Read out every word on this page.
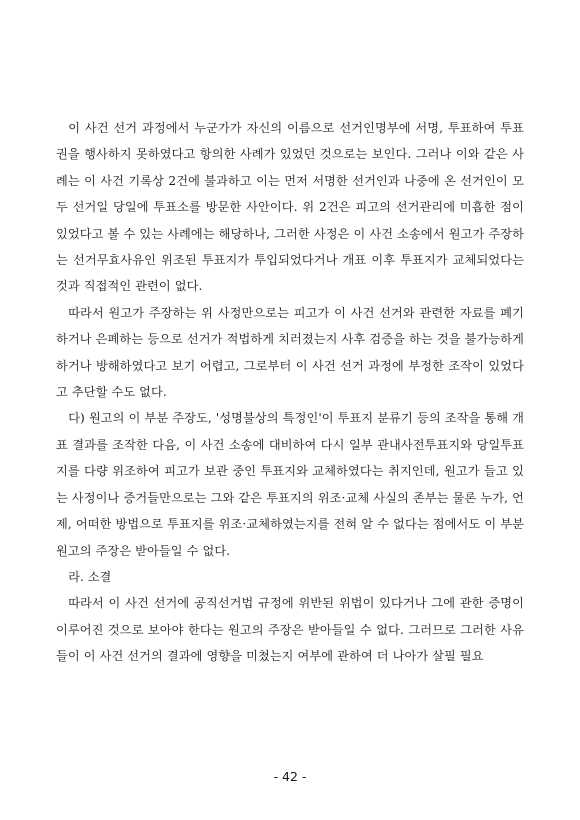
이 사건 선거 과정에서 누군가가 자신의 이름으로 선거인명부에 서명, 투표하여 투표권을 행사하지 못하였다고 항의한 사례가 있었던 것으로는 보인다. 그러나 이와 같은 사례는 이 사건 기록상 2건에 불과하고 이는 먼저 서명한 선거인과 나중에 온 선거인이 모두 선거일 당일에 투표소를 방문한 사안이다. 위 2건은 피고의 선거관리에 미흡한 점이 있었다고 볼 수 있는 사례에는 해당하나, 그러한 사정은 이 사건 소송에서 원고가 주장하는 선거무효사유인 위조된 투표지가 투입되었다거나 개표 이후 투표지가 교체되었다는 것과 직접적인 관련이 없다.

따라서 원고가 주장하는 위 사정만으로는 피고가 이 사건 선거와 관련한 자료를 폐기하거나 은폐하는 등으로 선거가 적법하게 치러졌는지 사후 검증을 하는 것을 불가능하게 하거나 방해하였다고 보기 어렵고, 그로부터 이 사건 선거 과정에 부정한 조작이 있었다고 추단할 수도 없다.

다) 원고의 이 부분 주장도, '성명불상의 특정인'이 투표지 분류기 등의 조작을 통해 개표 결과를 조작한 다음, 이 사건 소송에 대비하여 다시 일부 관내사전투표지와 당일투표지를 다량 위조하여 피고가 보관 중인 투표지와 교체하였다는 취지인데, 원고가 들고 있는 사정이나 증거들만으로는 그와 같은 투표지의 위조·교체 사실의 존부는 물론 누가, 언제, 어떠한 방법으로 투표지를 위조·교체하였는지를 전혀 알 수 없다는 점에서도 이 부분 원고의 주장은 받아들일 수 없다.

라. 소결

따라서 이 사건 선거에 공직선거법 규정에 위반된 위법이 있다거나 그에 관한 증명이 이루어진 것으로 보아야 한다는 원고의 주장은 받아들일 수 없다. 그러므로 그러한 사유들이 이 사건 선거의 결과에 영향을 미쳤는지 여부에 관하여 더 나아가 살필 필요

- 42 -
